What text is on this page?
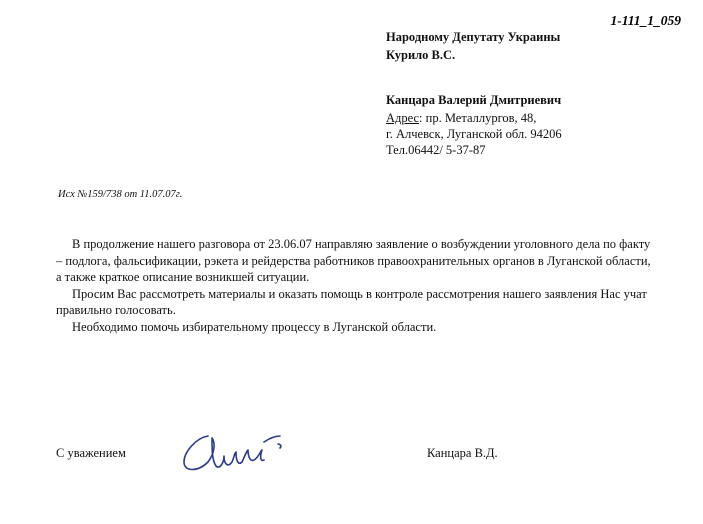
1-111_1_059
Народному Депутату Украины
Курило В.С.
Канцара Валерий Дмитриевич
Адрес: пр. Металлургов, 48,
г. Алчевск, Луганской обл. 94206
Тел.06442/ 5-37-87
Исх №159/738 от 11.07.07г.

В продолжение нашего разговора от 23.06.07 направляю заявление о возбуждении уголовного дела по факту – подлога, фальсификации, рэкета и рейдерства работников правоохранительных органов в Луганской области, а также краткое описание возникшей ситуации.

Просим Вас рассмотреть материалы и оказать помощь в контроле рассмотрения нашего заявления Нас учат правильно голосовать.

Необходимо помочь избирательному процессу в Луганской области.

С уважением	Канцара В.Д.
